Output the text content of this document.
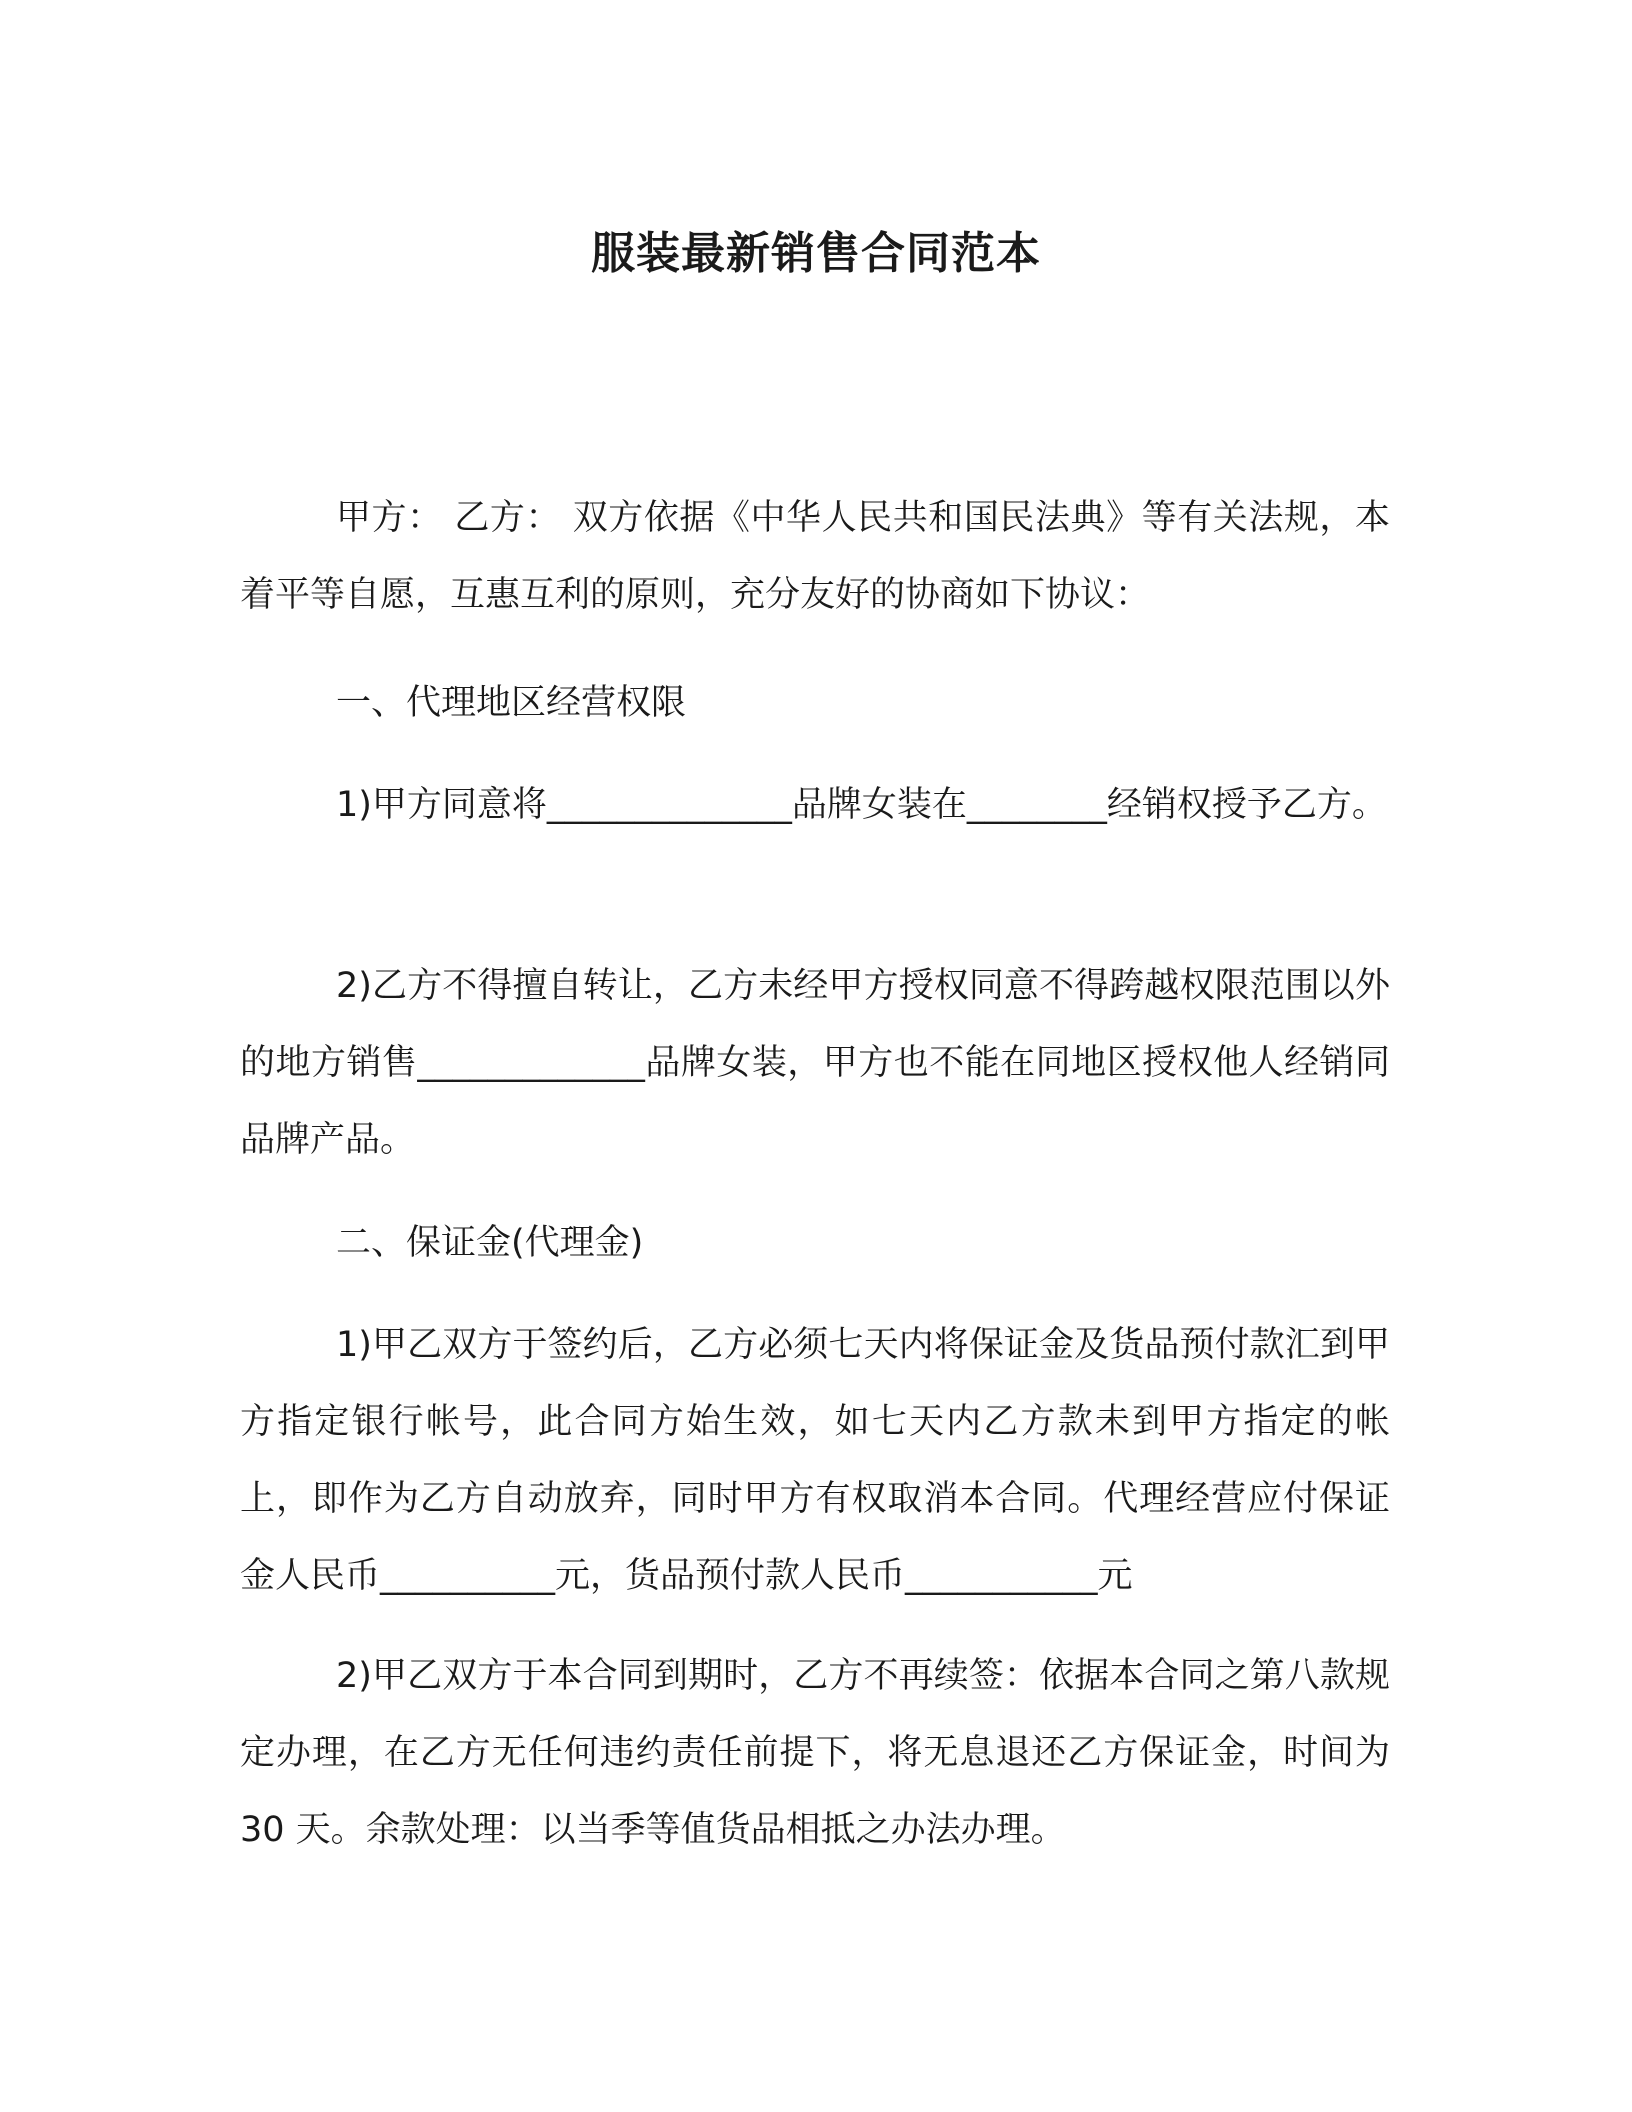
服装最新销售合同范本

甲方： 乙方： 双方依据《中华人民共和国民法典》等有关法规，本着平等自愿，互惠互利的原则，充分友好的协商如下协议：

一、代理地区经营权限

1)甲方同意将______________品牌女装在________经销权授予乙方。

2)乙方不得擅自转让，乙方未经甲方授权同意不得跨越权限范围以外的地方销售_____________品牌女装，甲方也不能在同地区授权他人经销同品牌产品。

二、保证金(代理金)

1)甲乙双方于签约后，乙方必须七天内将保证金及货品预付款汇到甲方指定银行帐号，此合同方始生效，如七天内乙方款未到甲方指定的帐上，即作为乙方自动放弃，同时甲方有权取消本合同。代理经营应付保证金人民币__________元，货品预付款人民币___________元

2)甲乙双方于本合同到期时，乙方不再续签：依据本合同之第八款规定办理，在乙方无任何违约责任前提下，将无息退还乙方保证金，时间为 30 天。余款处理：以当季等值货品相抵之办法办理。
